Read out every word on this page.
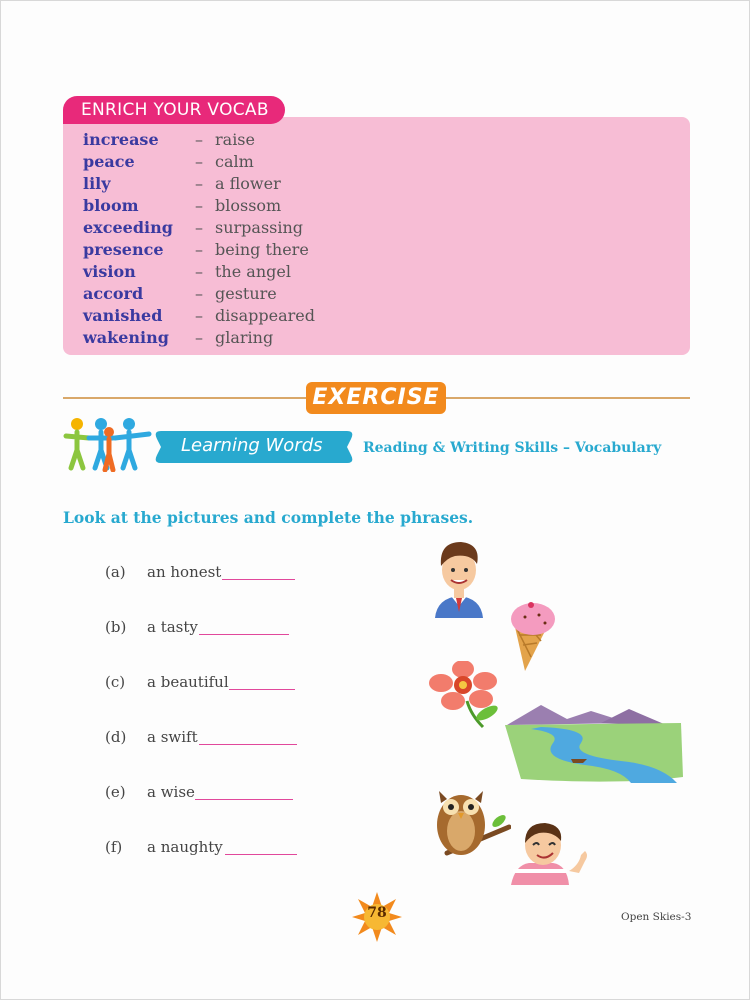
ENRICH YOUR VOCAB
increase – raise
peace	– calm
lily	– a flower
bloom	– blossom
exceeding – surpassing
presence – being there
vision	– the angel
accord	– gesture
vanished – disappeared
wakening – glaring
EXERCISE
Learning Words	Reading & Writing Skills – Vocabulary
Look at the pictures and complete the phrases.
(a) an honest
(b) a tasty
(c) a beautiful
(d) a swift
(e) a wise
(f) a naughty
78	Open Skies-3
